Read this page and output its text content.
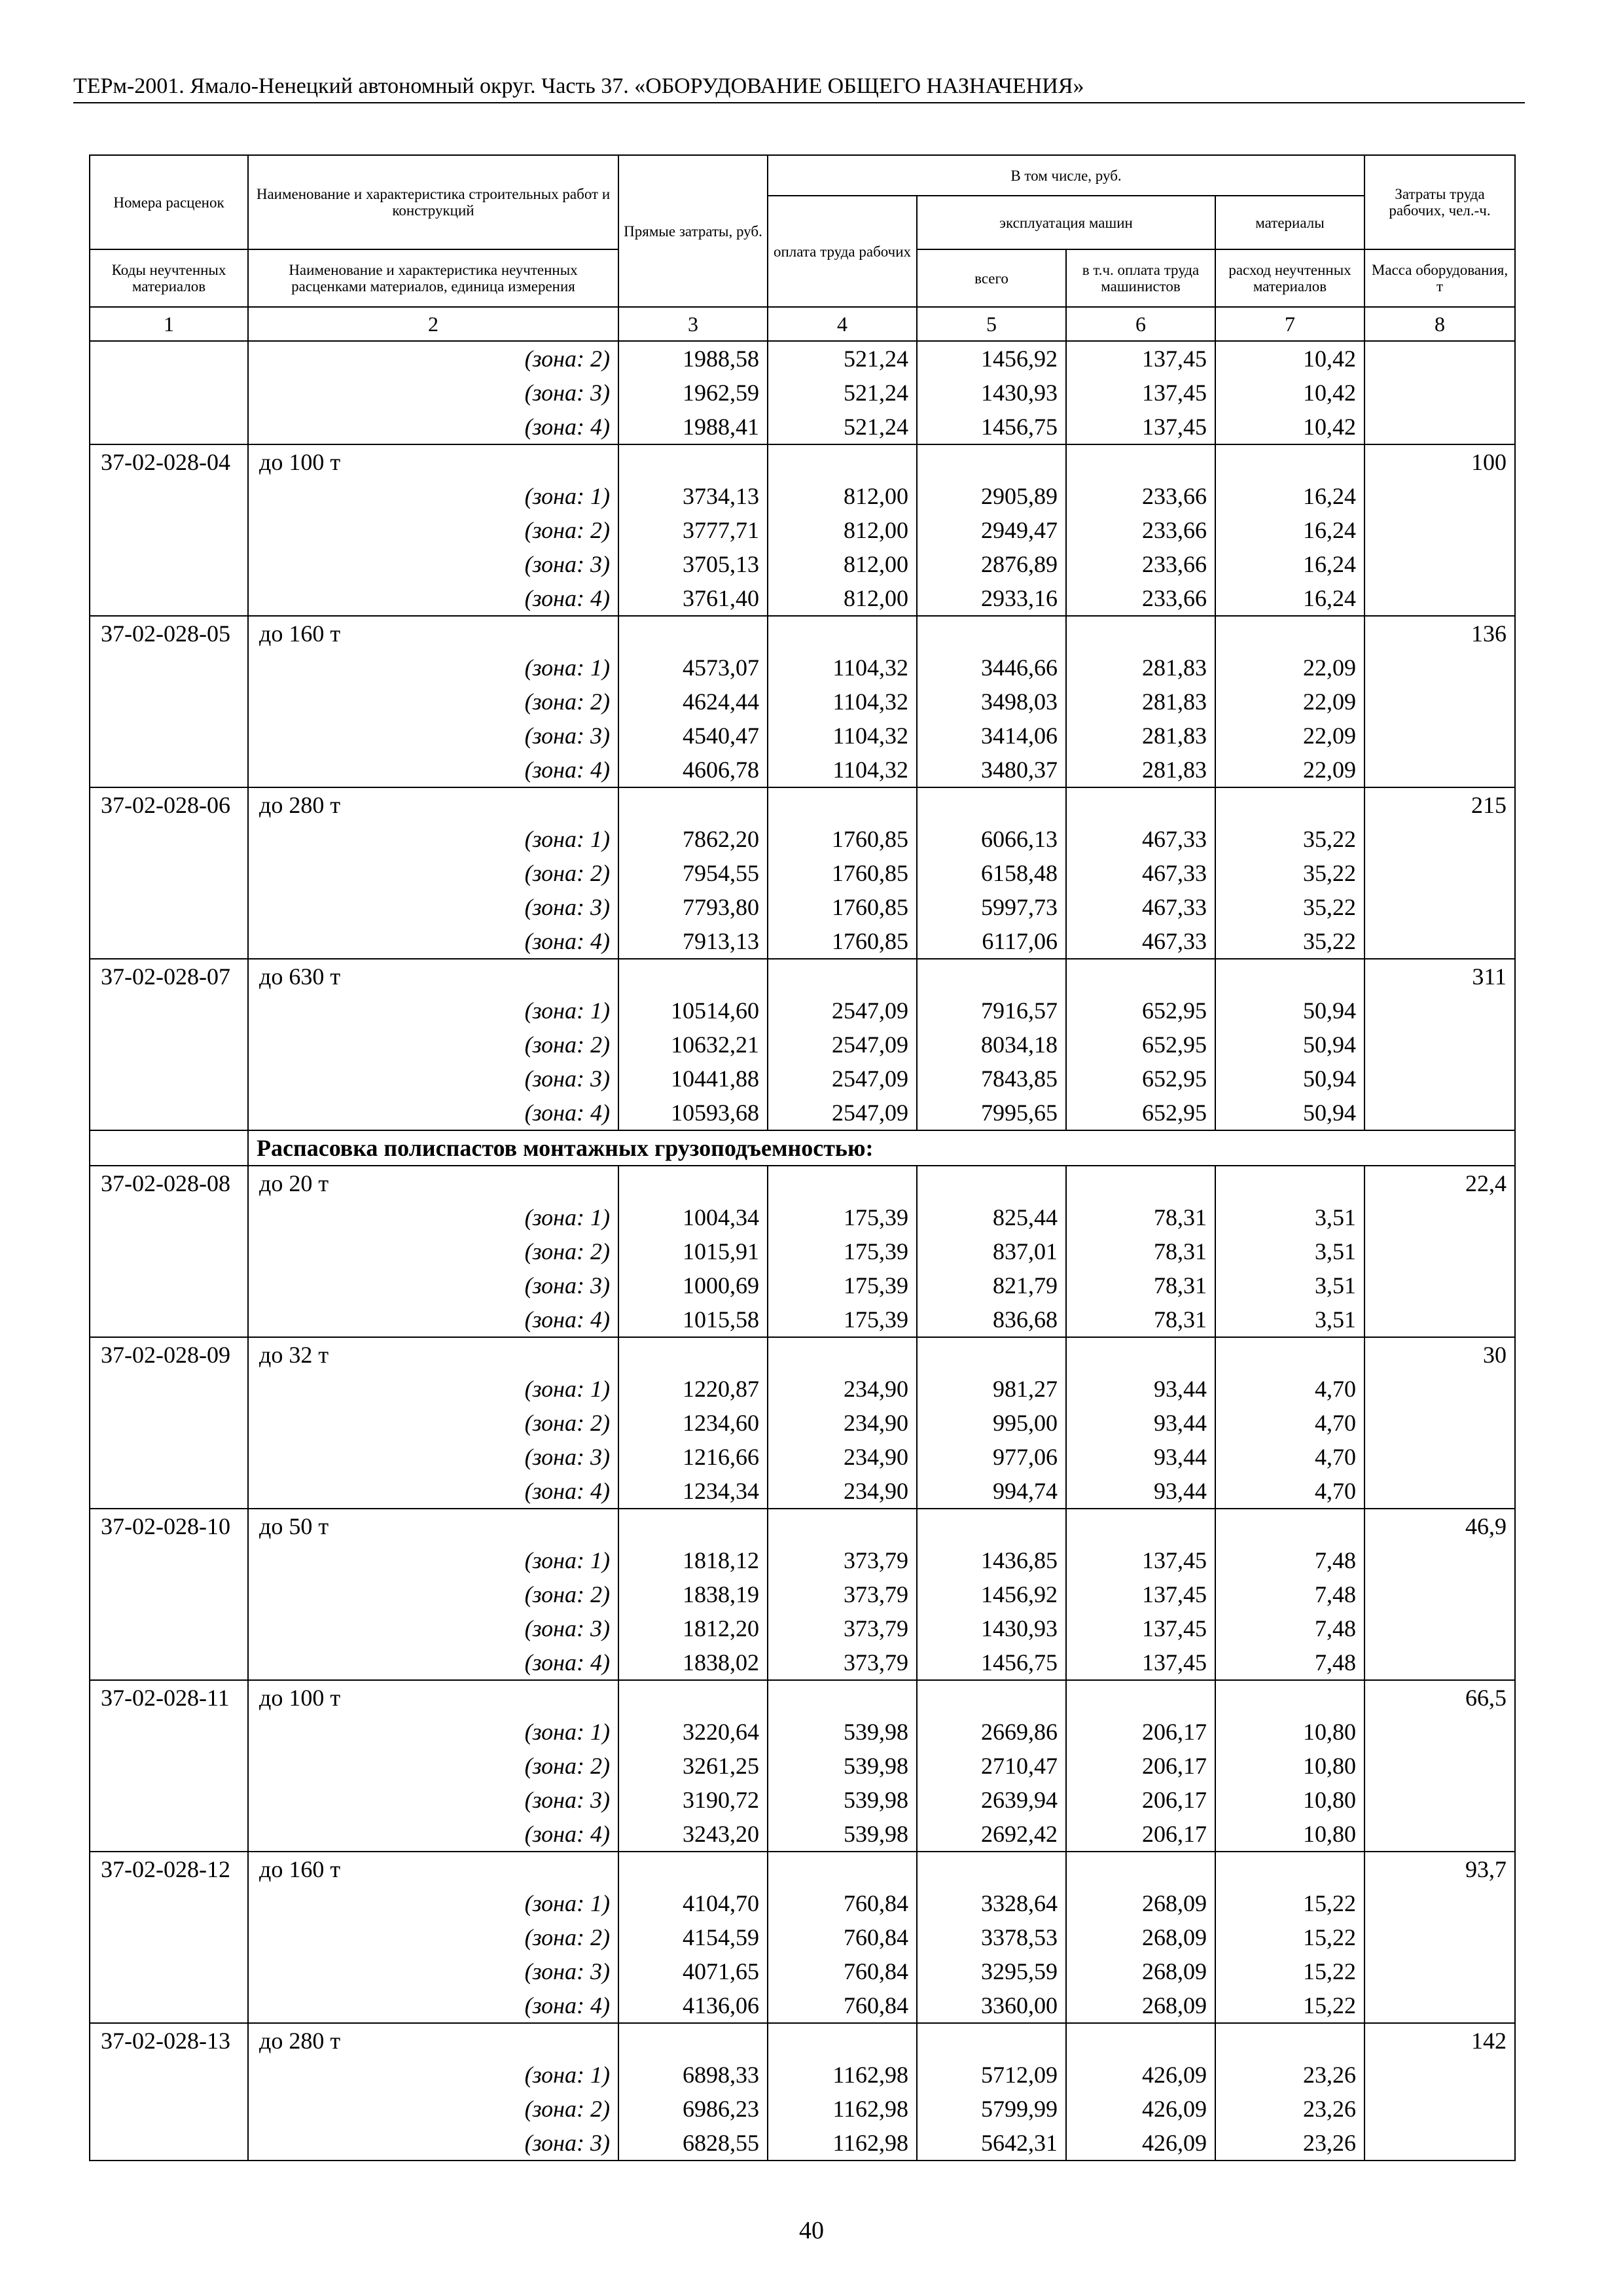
ТЕРм-2001. Ямало-Ненецкий автономный округ. Часть 37. «ОБОРУДОВАНИЕ ОБЩЕГО НАЗНАЧЕНИЯ»
Номера расценок	Наименование и характеристика строительных работ и конструкций	Прямые затраты, руб.	В том числе, руб.				Затраты труда рабочих, чел.-ч.
			оплата труда рабочих	эксплуатация машин		материалы	
Коды неучтенных материалов	Наименование и характеристика неучтенных расценками материалов, единица измерения			всего	в т.ч. оплата труда машинистов	расход неучтенных материалов	Масса оборудования, т
1	2	3	4	5	6	7	8
	(зона: 2)	1988,58	521,24	1456,92	137,45	10,42	
	(зона: 3)	1962,59	521,24	1430,93	137,45	10,42	
	(зона: 4)	1988,41	521,24	1456,75	137,45	10,42	
37-02-028-04	до 100 т						100
	(зона: 1)	3734,13	812,00	2905,89	233,66	16,24	
	(зона: 2)	3777,71	812,00	2949,47	233,66	16,24	
	(зона: 3)	3705,13	812,00	2876,89	233,66	16,24	
	(зона: 4)	3761,40	812,00	2933,16	233,66	16,24	
37-02-028-05	до 160 т						136
	(зона: 1)	4573,07	1104,32	3446,66	281,83	22,09	
	(зона: 2)	4624,44	1104,32	3498,03	281,83	22,09	
	(зона: 3)	4540,47	1104,32	3414,06	281,83	22,09	
	(зона: 4)	4606,78	1104,32	3480,37	281,83	22,09	
37-02-028-06	до 280 т						215
	(зона: 1)	7862,20	1760,85	6066,13	467,33	35,22	
	(зона: 2)	7954,55	1760,85	6158,48	467,33	35,22	
	(зона: 3)	7793,80	1760,85	5997,73	467,33	35,22	
	(зона: 4)	7913,13	1760,85	6117,06	467,33	35,22	
37-02-028-07	до 630 т						311
	(зона: 1)	10514,60	2547,09	7916,57	652,95	50,94	
	(зона: 2)	10632,21	2547,09	8034,18	652,95	50,94	
	(зона: 3)	10441,88	2547,09	7843,85	652,95	50,94	
	(зона: 4)	10593,68	2547,09	7995,65	652,95	50,94	
	Распасовка полиспастов монтажных грузоподъемностью:						
37-02-028-08	до 20 т						22,4
	(зона: 1)	1004,34	175,39	825,44	78,31	3,51	
	(зона: 2)	1015,91	175,39	837,01	78,31	3,51	
	(зона: 3)	1000,69	175,39	821,79	78,31	3,51	
	(зона: 4)	1015,58	175,39	836,68	78,31	3,51	
37-02-028-09	до 32 т						30
	(зона: 1)	1220,87	234,90	981,27	93,44	4,70	
	(зона: 2)	1234,60	234,90	995,00	93,44	4,70	
	(зона: 3)	1216,66	234,90	977,06	93,44	4,70	
	(зона: 4)	1234,34	234,90	994,74	93,44	4,70	
37-02-028-10	до 50 т						46,9
	(зона: 1)	1818,12	373,79	1436,85	137,45	7,48	
	(зона: 2)	1838,19	373,79	1456,92	137,45	7,48	
	(зона: 3)	1812,20	373,79	1430,93	137,45	7,48	
	(зона: 4)	1838,02	373,79	1456,75	137,45	7,48	
37-02-028-11	до 100 т						66,5
	(зона: 1)	3220,64	539,98	2669,86	206,17	10,80	
	(зона: 2)	3261,25	539,98	2710,47	206,17	10,80	
	(зона: 3)	3190,72	539,98	2639,94	206,17	10,80	
	(зона: 4)	3243,20	539,98	2692,42	206,17	10,80	
37-02-028-12	до 160 т						93,7
	(зона: 1)	4104,70	760,84	3328,64	268,09	15,22	
	(зона: 2)	4154,59	760,84	3378,53	268,09	15,22	
	(зона: 3)	4071,65	760,84	3295,59	268,09	15,22	
	(зона: 4)	4136,06	760,84	3360,00	268,09	15,22	
37-02-028-13	до 280 т						142
	(зона: 1)	6898,33	1162,98	5712,09	426,09	23,26	
	(зона: 2)	6986,23	1162,98	5799,99	426,09	23,26	
	(зона: 3)	6828,55	1162,98	5642,31	426,09	23,26	
40
